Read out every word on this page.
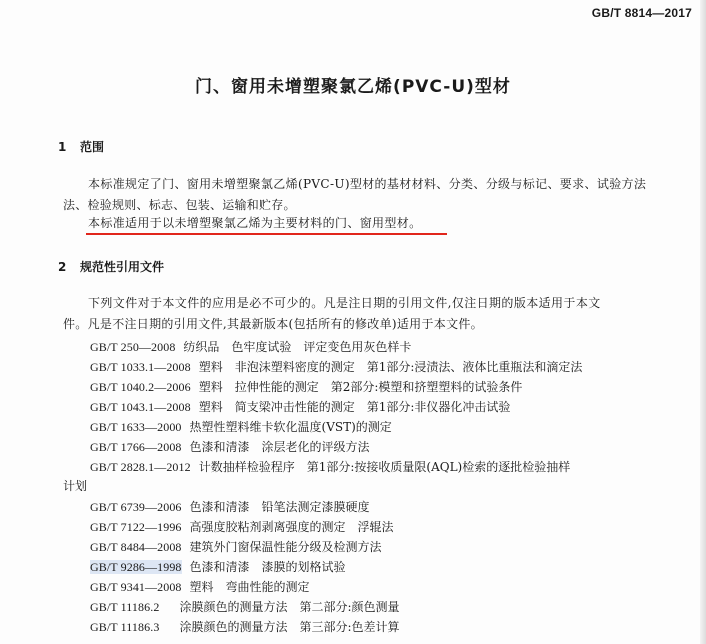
GB/T 8814—2017
门、窗用未增塑聚氯乙烯(PVC-U)型材
1 范围
本标准规定了门、窗用未增塑聚氯乙烯(PVC-U)型材的基材材料、分类、分级与标记、要求、试验方法
法、检验规则、标志、包装、运输和贮存。
本标准适用于以未增塑聚氯乙烯为主要材料的门、窗用型材。
2 规范性引用文件
下列文件对于本文件的应用是必不可少的。凡是注日期的引用文件,仅注日期的版本适用于本文
件。凡是不注日期的引用文件,其最新版本(包括所有的修改单)适用于本文件。
GB/T 250—2008 纺织品　色牢度试验　评定变色用灰色样卡
GB/T 1033.1—2008 塑料　非泡沫塑料密度的测定　第1部分:浸渍法、液体比重瓶法和滴定法
GB/T 1040.2—2006 塑料　拉伸性能的测定　第2部分:模塑和挤塑塑料的试验条件
GB/T 1043.1—2008 塑料　简支梁冲击性能的测定　第1部分:非仪器化冲击试验
GB/T 1633—2000 热塑性塑料维卡软化温度(VST)的测定
GB/T 1766—2008 色漆和清漆　涂层老化的评级方法
GB/T 2828.1—2012 计数抽样检验程序　第1部分:按接收质量限(AQL)检索的逐批检验抽样
计划
GB/T 6739—2006 色漆和清漆　铅笔法测定漆膜硬度
GB/T 7122—1996 高强度胶粘剂剥离强度的测定　浮辊法
GB/T 8484—2008 建筑外门窗保温性能分级及检测方法
GB/T 9286—1998 色漆和清漆　漆膜的划格试验
GB/T 9341—2008 塑料　弯曲性能的测定
GB/T 11186.2 涂膜颜色的测量方法　第二部分:颜色测量
GB/T 11186.3 涂膜颜色的测量方法　第三部分:色差计算
